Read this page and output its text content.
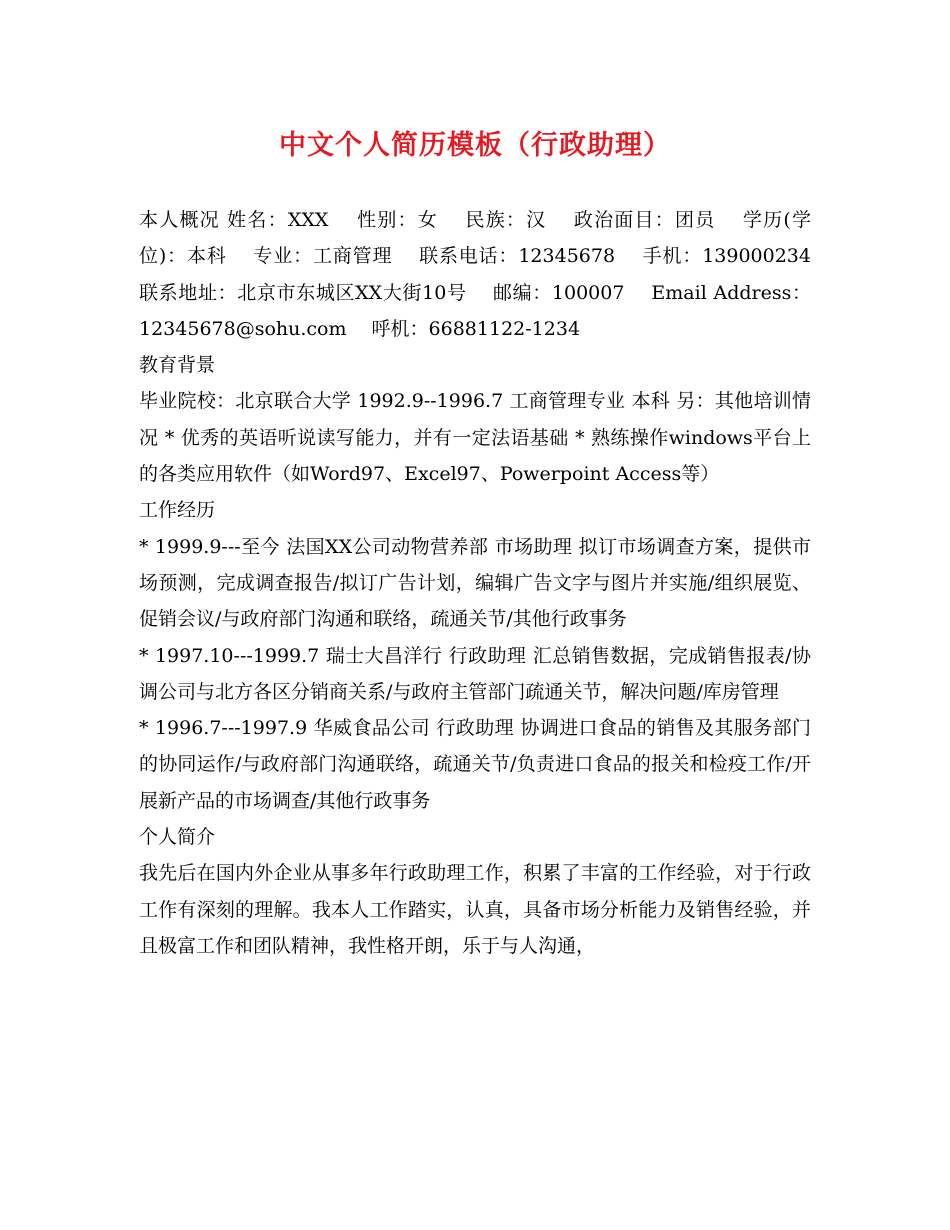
中文个人简历模板（行政助理）

本人概况 姓名：XXX　 性别：女　 民族：汉　 政治面目：团员　 学历(学位)：本科　 专业：工商管理　 联系电话：12345678　 手机：139000234　 联系地址：北京市东城区XX大街10号　 邮编：100007　 Email Address： 12345678@sohu.com　 呼机：66881122-1234

教育背景

毕业院校：北京联合大学 1992.9--1996.7 工商管理专业 本科 另：其他培训情况 * 优秀的英语听说读写能力，并有一定法语基础 * 熟练操作windows平台上的各类应用软件（如Word97、Excel97、Powerpoint Access等）

工作经历

* 1999.9---至今 法国XX公司动物营养部 市场助理 拟订市场调查方案，提供市场预测，完成调查报告/拟订广告计划，编辑广告文字与图片并实施/组织展览、促销会议/与政府部门沟通和联络，疏通关节/其他行政事务

* 1997.10---1999.7 瑞士大昌洋行 行政助理 汇总销售数据，完成销售报表/协调公司与北方各区分销商关系/与政府主管部门疏通关节，解决问题/库房管理

* 1996.7---1997.9 华威食品公司 行政助理 协调进口食品的销售及其服务部门的协同运作/与政府部门沟通联络，疏通关节/负责进口食品的报关和检疫工作/开展新产品的市场调查/其他行政事务

个人简介

我先后在国内外企业从事多年行政助理工作，积累了丰富的工作经验，对于行政工作有深刻的理解。我本人工作踏实，认真，具备市场分析能力及销售经验，并且极富工作和团队精神，我性格开朗，乐于与人沟通，
